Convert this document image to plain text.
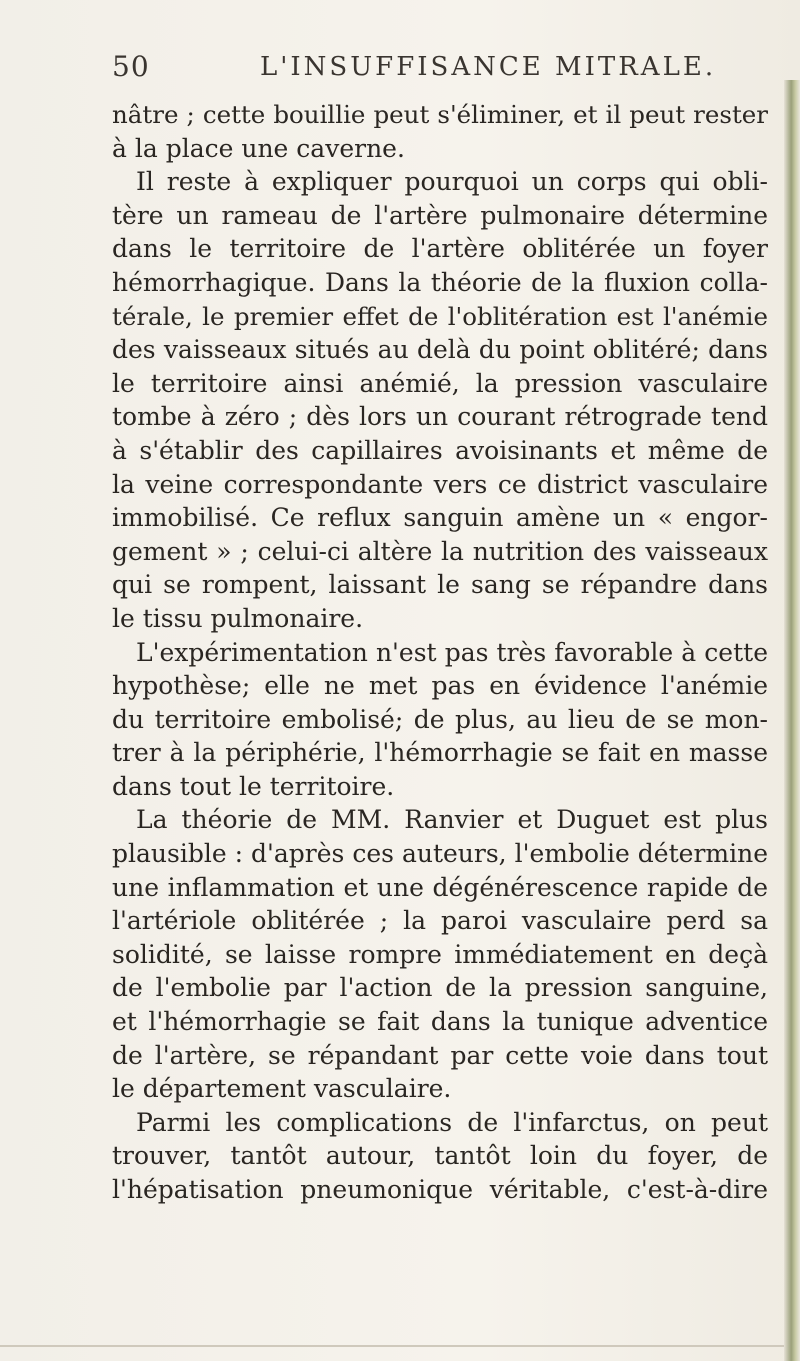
50	L'INSUFFISANCE MITRALE.
nâtre ; cette bouillie peut s'éliminer, et il peut rester
à la place une caverne.
Il reste à expliquer pourquoi un corps qui obli-
tère un rameau de l'artère pulmonaire détermine
dans le territoire de l'artère oblitérée un foyer
hémorrhagique. Dans la théorie de la fluxion colla-
térale, le premier effet de l'oblitération est l'anémie
des vaisseaux situés au delà du point oblitéré; dans
le territoire ainsi anémié, la pression vasculaire
tombe à zéro ; dès lors un courant rétrograde tend
à s'établir des capillaires avoisinants et même de
la veine correspondante vers ce district vasculaire
immobilisé. Ce reflux sanguin amène un « engor-
gement » ; celui-ci altère la nutrition des vaisseaux
qui se rompent, laissant le sang se répandre dans
le tissu pulmonaire.
L'expérimentation n'est pas très favorable à cette
hypothèse; elle ne met pas en évidence l'anémie
du territoire embolisé; de plus, au lieu de se mon-
trer à la périphérie, l'hémorrhagie se fait en masse
dans tout le territoire.
La théorie de MM. Ranvier et Duguet est plus
plausible : d'après ces auteurs, l'embolie détermine
une inflammation et une dégénérescence rapide de
l'artériole oblitérée ; la paroi vasculaire perd sa
solidité, se laisse rompre immédiatement en deçà
de l'embolie par l'action de la pression sanguine,
et l'hémorrhagie se fait dans la tunique adventice
de l'artère, se répandant par cette voie dans tout
le département vasculaire.
Parmi les complications de l'infarctus, on peut
trouver, tantôt autour, tantôt loin du foyer, de
l'hépatisation pneumonique véritable, c'est-à-dire
